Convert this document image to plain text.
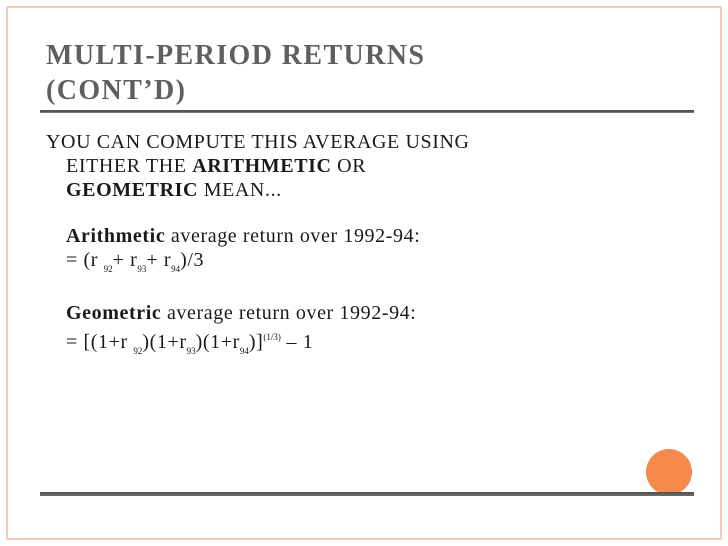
MULTI-PERIOD RETURNS
(CONT’D)

YOU CAN COMPUTE THIS AVERAGE USING
EITHER THE ARITHMETIC OR
GEOMETRIC MEAN...

Arithmetic average return over 1992-94:
= (r $_{92}+ r_{93}+ r_{94})/3$
Geometric average return over 1992-94:
= [(1+r $_{92})(1+r_{93})(1+r_{94})]^{(1/3)} - 1$
